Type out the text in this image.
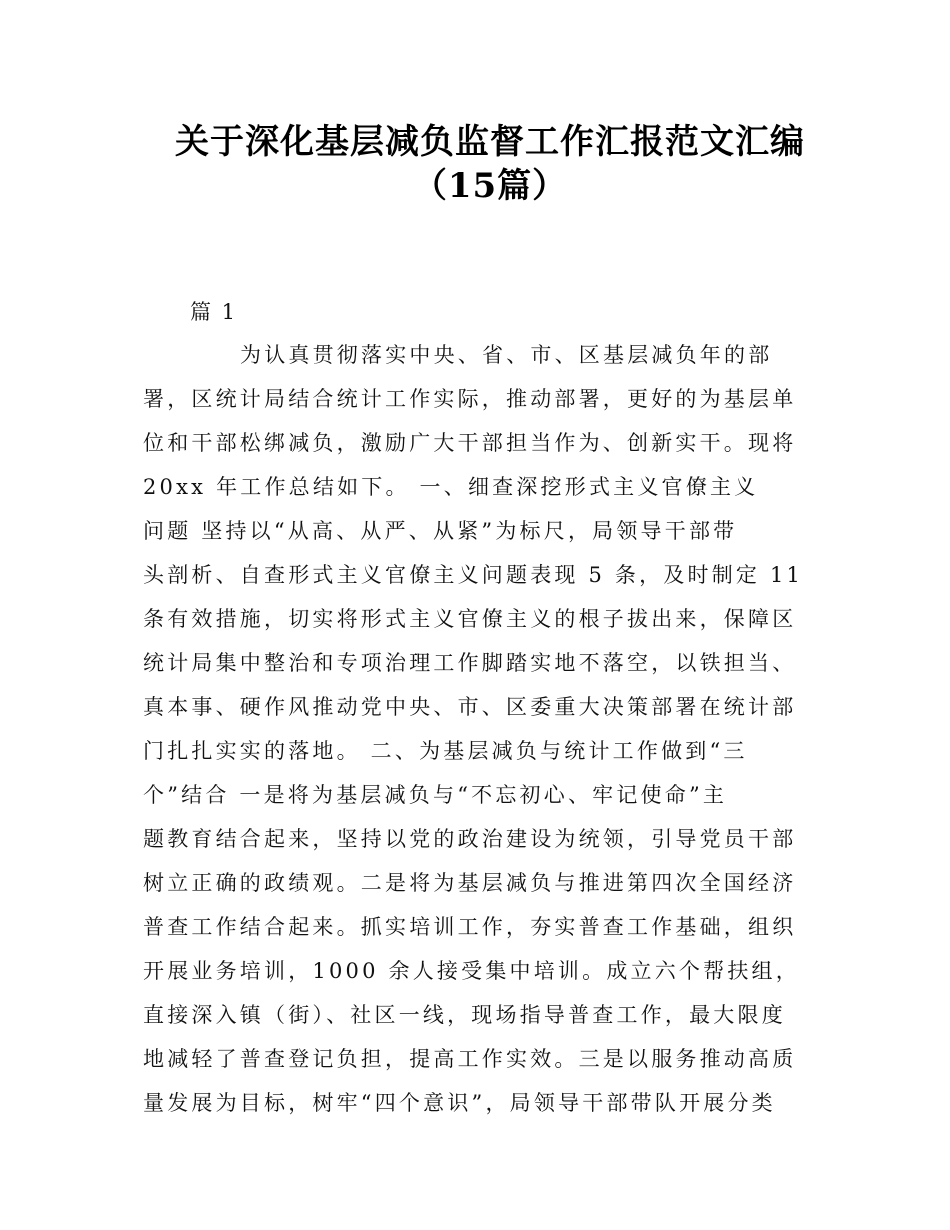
关于深化基层减负监督工作汇报范文汇编
（15篇）
篇 1
为认真贯彻落实中央、省、市、区基层减负年的部
署，区统计局结合统计工作实际，推动部署，更好的为基层单
位和干部松绑减负，激励广大干部担当作为、创新实干。现将
20xx 年工作总结如下。 一、细查深挖形式主义官僚主义
问题 坚持以“从高、从严、从紧”为标尺，局领导干部带
头剖析、自查形式主义官僚主义问题表现 5 条，及时制定 11
条有效措施，切实将形式主义官僚主义的根子拔出来，保障区
统计局集中整治和专项治理工作脚踏实地不落空，以铁担当、
真本事、硬作风推动党中央、市、区委重大决策部署在统计部
门扎扎实实的落地。 二、为基层减负与统计工作做到“三
个”结合 一是将为基层减负与“不忘初心、牢记使命”主
题教育结合起来，坚持以党的政治建设为统领，引导党员干部
树立正确的政绩观。二是将为基层减负与推进第四次全国经济
普查工作结合起来。抓实培训工作，夯实普查工作基础，组织
开展业务培训，1000 余人接受集中培训。成立六个帮扶组，
直接深入镇（街）、社区一线，现场指导普查工作，最大限度
地减轻了普查登记负担，提高工作实效。三是以服务推动高质
量发展为目标，树牢“四个意识”，局领导干部带队开展分类
